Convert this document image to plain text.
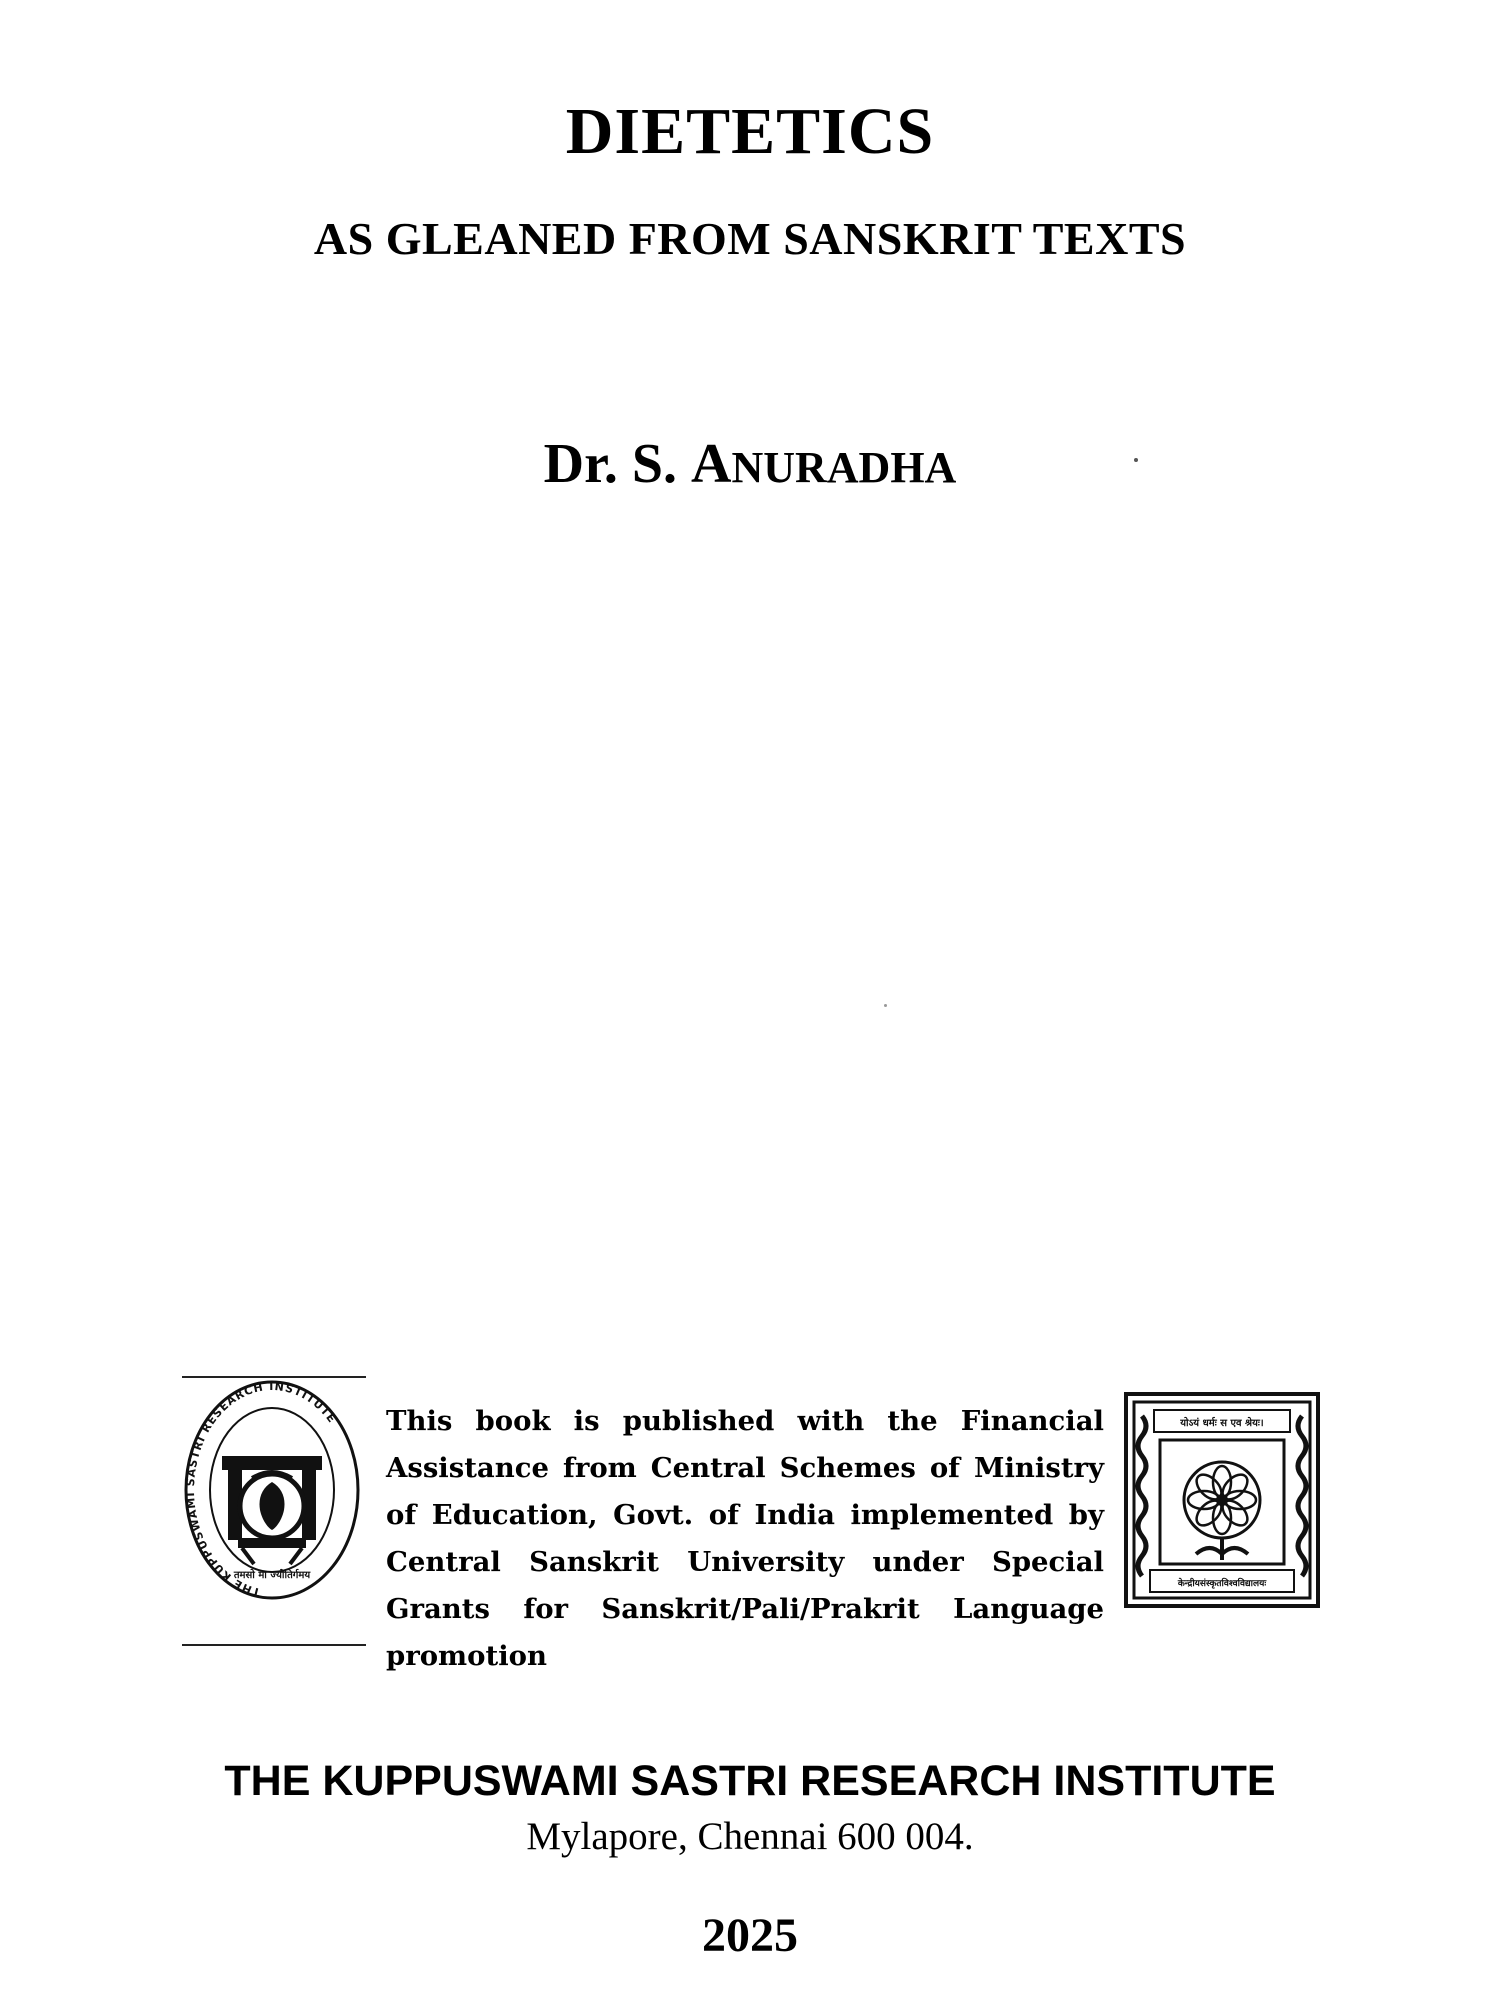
DIETETICS
AS GLEANED FROM SANSKRIT TEXTS
Dr. S. ANURADHA
THE KUPPUSWAMI SASTRI RESEARCH INSTITUTE
तमसो मा ज्योतिर्गमय
This book is published with the Financial Assistance from Central Schemes of Ministry of Education, Govt. of India implemented by Central Sanskrit University under Special Grants for Sanskrit/Pali/Prakrit Language promotion
योऽयं धर्मः स एव श्रेयः।
केन्द्रीयसंस्कृतविश्वविद्यालयः
THE KUPPUSWAMI SASTRI RESEARCH INSTITUTE
Mylapore, Chennai 600 004.
2025
